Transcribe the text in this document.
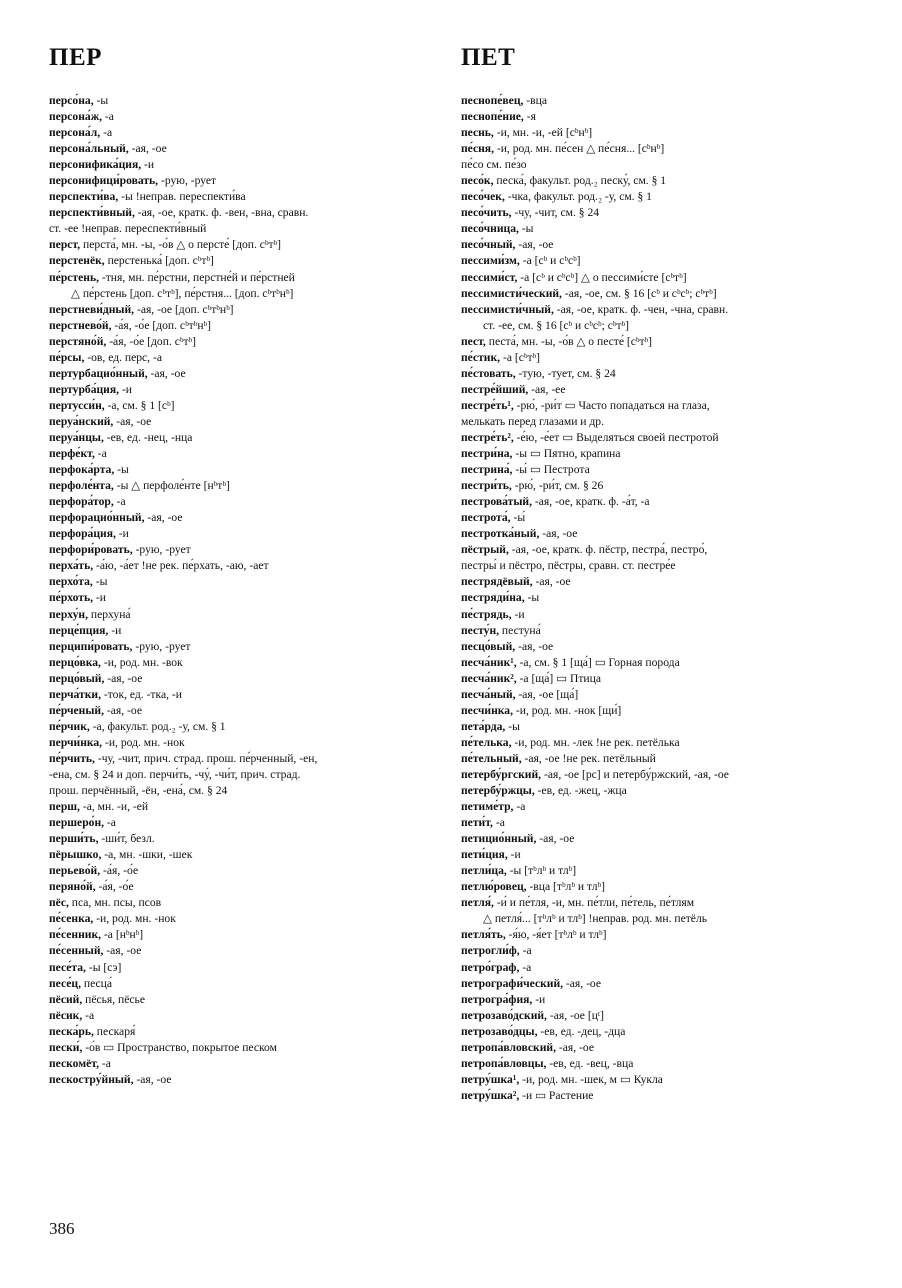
ПЕР	ПЕТ
персо́на, -ы
персона́ж, -а
персона́л, -а
персона́льный, -ая, -ое
персонифика́ция, -и
персонифици́ровать, -рую, -рует
перспекти́ва, -ы !неправ. переспекти́ва
перспекти́вный, -ая, -ое, кратк. ф. -вен, -вна, сравн.
ст. -ее !неправ. переспекти́вный
перст, перста́, мн. -ы, -о́в △ о персте́ [доп. сᵇтᵇ]
перстенёк, перстенька́ [доп. сᵇтᵇ]
пе́рстень, -тня, мн. пе́рстни, перстне́й и пе́рстней
△ пе́рстень [доп. сᵇтᵇ], пе́рстня... [доп. сᵇтᵇнᵇ]
перстневи́дный, -ая, -ое [доп. сᵇтᵇнᵇ]
перстнево́й, -а́я, -о́е [доп. сᵇтᵇнᵇ]
перстяно́й, -а́я, -о́е [доп. сᵇтᵇ]
пе́рсы, -ов, ед. перс, -а
пертурбацио́нный, -ая, -ое
пертурба́ция, -и
пертусси́н, -а, см. § 1 [сᵇ]
перуа́нский, -ая, -ое
перуа́нцы, -ев, ед. -нец, -нца
перфе́кт, -а
перфока́рта, -ы
перфоле́нта, -ы △ перфоле́нте [нᵇтᵇ]
перфора́тор, -а
перфорацио́нный, -ая, -ое
перфора́ция, -и
перфори́ровать, -рую, -рует
перха́ть, -а́ю, -а́ет !не рек. пе́рхать, -аю, -ает
перхо́та, -ы
пе́рхоть, -и
перху́н, перхуна́
перце́пция, -и
перципи́ровать, -рую, -рует
перцо́вка, -и, род. мн. -вок
перцо́вый, -ая, -ое
перча́тки, -ток, ед. -тка, -и
пе́рченый, -ая, -ое
пе́рчик, -а, факульт. род.₂ -у, см. § 1
перчи́нка, -и, род. мн. -нок
пе́рчить, -чу, -чит, прич. страд. прош. пе́рченный, -ен,
-ена, см. § 24 и доп. перчи́ть, -чу́, -чи́т, прич. страд.
прош. перчённый, -ён, -ена́, см. § 24
перш, -а, мн. -и, -ей
першеро́н, -а
перши́ть, -ши́т, безл.
пёрышко, -а, мн. -шки, -шек
перьево́й, -а́я, -о́е
перяно́й, -а́я, -о́е
пёс, пса, мн. псы, псов
пе́сенка, -и, род. мн. -нок
пе́сенник, -а [нᵇнᵇ]
пе́сенный, -ая, -ое
песе́та, -ы [сэ]
песе́ц, песца́
пёсий, пёсья, пёсье
пёсик, -а
песка́рь, пескаря́
пески́, -о́в ▭ Пространство, покрытое песком
пескомёт, -а
пескостру́йный, -ая, -ое
песнопе́вец, -вца
песнопе́ние, -я
песнь, -и, мн. -и, -ей [сᵇнᵇ]
пе́сня, -и, род. мн. пе́сен △ пе́сня... [сᵇнᵇ]
пе́со см. пе́зо
песо́к, песка́, факульт. род.₂ песку́, см. § 1
песо́чек, -чка, факульт. род.₂ -у, см. § 1
песо́чить, -чу, -чит, см. § 24
песо́чница, -ы
песо́чный, -ая, -ое
пессими́зм, -а [сᵇ и сᵇсᵇ]
пессими́ст, -а [сᵇ и сᵇсᵇ] △ о пессими́сте [сᵇтᵇ]
пессимисти́ческий, -ая, -ое, см. § 16 [сᵇ и сᵇсᵇ; сᵇтᵇ]
пессимисти́чный, -ая, -ое, кратк. ф. -чен, -чна, сравн.
ст. -ее, см. § 16 [сᵇ и сᵇсᵇ; сᵇтᵇ]
пест, песта́, мн. -ы, -о́в △ о песте́ [сᵇтᵇ]
пе́стик, -а [сᵇтᵇ]
пе́стовать, -тую, -тует, см. § 24
пестре́йший, -ая, -ее
пестре́ть¹, -рю́, -ри́т ▭ Часто попадаться на глаза,
мелькать перед глазами и др.
пестре́ть², -е́ю, -е́ет ▭ Выделяться своей пестротой
пестри́на, -ы ▭ Пятно, крапина
пестрина́, -ы́ ▭ Пестрота
пестри́ть, -рю́, -ри́т, см. § 26
пестрова́тый, -ая, -ое, кратк. ф. -а́т, -а
пестрота́, -ы́
пестротка́ный, -ая, -ое
пёстрый, -ая, -ое, кратк. ф. пёстр, пестра́, пестро́,
пестры́ и пёстро, пёстры, сравн. ст. пестре́е
пестрядёвый, -ая, -ое
пестряди́на, -ы
пе́стрядь, -и
песту́н, пестуна́
песцо́вый, -ая, -ое
песча́ник¹, -а, см. § 1 [ща́] ▭ Горная порода
песча́ник², -а [ща́] ▭ Птица
песча́ный, -ая, -ое [ща́]
песчи́нка, -и, род. мн. -нок [щи́]
пета́рда, -ы
пе́телька, -и, род. мн. -лек !не рек. петёлька
пе́тельный, -ая, -ое !не рек. петёльный
петербу́ргский, -ая, -ое [рс] и петербу́ржский, -ая, -ое
петербу́ржцы, -ев, ед. -жец, -жца
петиме́тр, -а
пети́т, -а
петицио́нный, -ая, -ое
пети́ция, -и
петли́ца, -ы [тᵇлᵇ и тлᵇ]
петлю́ровец, -вца [тᵇлᵇ и тлᵇ]
петля́, -и́ и пе́тля, -и, мн. пе́тли, пе́тель, пе́тлям
△ петля́... [тᵇлᵇ и тлᵇ] !неправ. род. мн. петёль
петля́ть, -я́ю, -я́ет [тᵇлᵇ и тлᵇ]
петрогли́ф, -а
петро́граф, -а
петрографи́ческий, -ая, -ое
петрогра́фия, -и
петрозаво́дский, -ая, -ое [цᵗ]
петрозаво́дцы, -ев, ед. -дец, -дца
петропа́вловский, -ая, -ое
петропа́вловцы, -ев, ед. -вец, -вца
петру́шка¹, -и, род. мн. -шек, м ▭ Кукла
петру́шка², -и ▭ Растение
386
